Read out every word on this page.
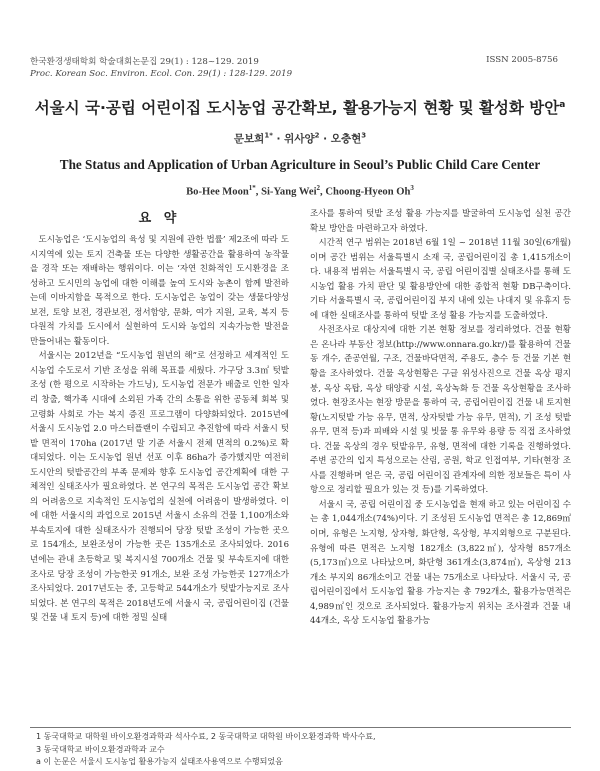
한국환경생태학회 학술대회논문집 29(1) : 128~129. 2019	ISSN 2005-8756
Proc. Korean Soc. Environ. Ecol. Con. 29(1) : 128-129. 2019
서울시 국·공립 어린이집 도시농업 공간확보, 활용가능지 현황 및 활성화 방안$^a$
문보희$^{1*}$ · 위사양$^2$ · 오충현$^3$
The Status and Application of Urban Agriculture in Seoul’s Public Child Care Center
Bo-Hee Moon$^{1*}$, Si-Yang Wei$^2$, Choong-Hyeon Oh$^3$
요 약

도시농업은 ‘도시농업의 육성 및 지원에 관한 법률’ 제2조에 따라 도시지역에 있는 토지 건축물 또는 다양한 생활공간을 활용하여 농작물을 경작 또는 재배하는 행위이다. 이는 ‘자연 친화적인 도시환경을 조성하고 도시민의 농업에 대한 이해를 높여 도시와 농촌이 함께 발전하는데 이바지함을 목적으로 한다. 도시농업은 농업이 갖는 생물다양성 보전, 토양 보전, 경관보전, 정서함양, 문화, 여가 지원, 교육, 복지 등 다원적 가치를 도시에서 실현하여 도시와 농업의 지속가능한 발전을 만들어내는 활동이다.

서울시는 2012년을 “도시농업 원년의 해”로 선정하고 세계적인 도시농업 수도로서 기반 조성을 위해 목표를 세웠다. 가구당 3.3㎡ 텃밭 조성 (한 평으로 시작하는 가드닝), 도시농업 전문가 배출로 인한 일자리 창출, 핵가족 시대에 소외된 가족 간의 소통을 위한 공동체 회복 및 고령화 사회로 가는 복지 증진 프로그램이 다양화되었다. 2015년에 서울시 도시농업 2.0 마스터플랜이 수립되고 추진함에 따라 서울시 텃밭 면적이 170ha (2017년 말 기준 서울시 전체 면적의 0.2%)로 확대되었다. 이는 도시농업 원년 선포 이후 86ha가 증가했지만 여전히 도시안의 텃밭공간의 부족 문제와 향후 도시농업 공간계획에 대한 구체적인 실태조사가 필요하였다. 본 연구의 목적은 도시농업 공간 확보의 어려움으로 지속적인 도시농업의 실천에 어려움이 발생하였다. 이에 대한 서울시의 과업으로 2015년 서울시 소유의 건물 1,100개소와 부속토지에 대한 실태조사가 진행되어 당장 텃밭 조성이 가능한 곳으로 154개소, 보완조성이 가능한 곳은 135개소로 조사되었다. 2016년에는 관내 초등학교 및 복지시설 700개소 건물 및 부속토지에 대한 조사로 당장 조성이 가능한곳 91개소, 보완 조성 가능한곳 127개소가 조사되었다. 2017년도는 중, 고등학교 544개소가 텃밭가능지로 조사되었다. 본 연구의 목적은 2018년도에 서울시 국, 공립어린이집 (건물 및 건물 내 토지 등)에 대한 정밀 실태

조사를 통하여 텃밭 조성 활용 가능지를 발굴하여 도시농업 실천 공간 확보 방안을 마련하고자 하였다.

시간적 연구 범위는 2018년 6월 1일 ~ 2018년 11월 30일(6개월)이며 공간 범위는 서울특별시 소재 국, 공립어린이집 총 1,415개소이다. 내용적 범위는 서울특별시 국, 공립 어린이집별 실태조사를 통해 도시농업 활용 가치 판단 및 활용방안에 대한 종합적 현황 DB구축이다. 기타 서울특별시 국, 공립어린이집 부지 내에 있는 나대지 및 유휴지 등에 대한 실태조사를 통하여 텃밭 조성 활용 가능지를 도출하였다.

사전조사로 대상지에 대한 기본 현황 정보를 정리하였다. 건물 현황은 온나라 부동산 정보(http://www.onnara.go.kr/)를 활용하여 건물 동 개수, 준공연월, 구조, 건물바닥면적, 주용도, 층수 등 건물 기본 현황을 조사하였다. 건물 옥상현황은 구글 위성사진으로 건물 옥상 평지붕, 옥상 옥탑, 옥상 태양광 시설, 옥상녹화 등 건물 옥상현황을 조사하였다. 현장조사는 현장 방문을 통하여 국, 공립어린이집 건물 내 토지현황(노지텃밭 가능 유무, 면적, 상자텃밭 가능 유무, 면적), 기 조성 텃밭 유무, 면적 등)과 피배와 시설 및 빗물 통 유무와 용량 등 직접 조사하였다. 건물 옥상의 경우 텃밭유무, 유형, 면적에 대한 기록을 진행하였다. 주변 공간의 입지 특성으로는 산림, 공원, 학교 인접여부, 기타(현장 조사를 진행하며 얻은 국, 공립 어린이집 관계자에 의한 정보들은 특이 사항으로 정리할 필요가 있는 것 등)를 기록하였다.

서울시 국, 공립 어린이집 중 도시농업을 현재 하고 있는 어린이집 수는 총 1,044개소(74%)이다. 기 조성된 도시농업 면적은 총 12,869㎡이며, 유형은 노지형, 상자형, 화단형, 옥상형, 부지외형으로 구분된다. 유형에 따른 면적은 노지형 182개소 (3,822㎡), 상자형 857개소(5,173㎡)으로 나타났으며, 화단형 361개소(3,874㎡), 옥상형 213개소 부지외 86개소이고 건물 내는 75개소로 나타났다. 서울시 국, 공립어린이집에서 도시농업 활용 가능지는 총 792개소, 활용가능면적은 4,989㎡인 것으로 조사되었다. 활용가능지 위치는 조사결과 건물 내 44개소, 옥상 도시농업 활용가능

1 동국대학교 대학원 바이오환경과학과 석사수료, 2 동국대학교 대학원 바이오환경과학 박사수료,
3 동국대학교 바이오환경과학과 교수
a 이 논문은 서울시 도시농업 활용가능지 실태조사용역으로 수행되었음
